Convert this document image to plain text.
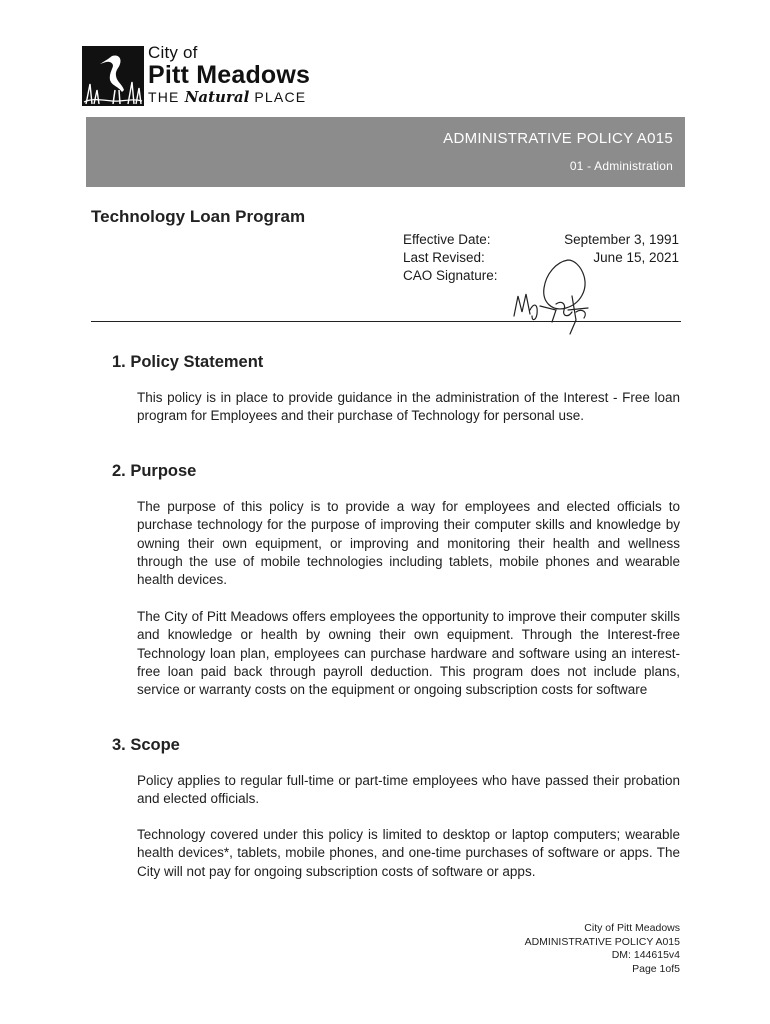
City of
Pitt Meadows
THE Natural PLACE
ADMINISTRATIVE POLICY A015
01 - Administration
Technology Loan Program
Effective Date:	September 3, 1991
Last Revised:	June 15, 2021
CAO Signature:
1. Policy Statement
This policy is in place to provide guidance in the administration of the Interest - Free loan program for Employees and their purchase of Technology for personal use.
2. Purpose
The purpose of this policy is to provide a way for employees and elected officials to purchase technology for the purpose of improving their computer skills and knowledge by owning their own equipment, or improving and monitoring their health and wellness through the use of mobile technologies including tablets, mobile phones and wearable health devices.
The City of Pitt Meadows offers employees the opportunity to improve their computer skills and knowledge or health by owning their own equipment. Through the Interest-free Technology loan plan, employees can purchase hardware and software using an interest-free loan paid back through payroll deduction. This program does not include plans, service or warranty costs on the equipment or ongoing subscription costs for software
3. Scope
Policy applies to regular full-time or part-time employees who have passed their probation and elected officials.
Technology covered under this policy is limited to desktop or laptop computers; wearable health devices*, tablets, mobile phones, and one-time purchases of software or apps. The City will not pay for ongoing subscription costs of software or apps.
City of Pitt Meadows
ADMINISTRATIVE POLICY A015
DM: 144615v4
Page 1of5
